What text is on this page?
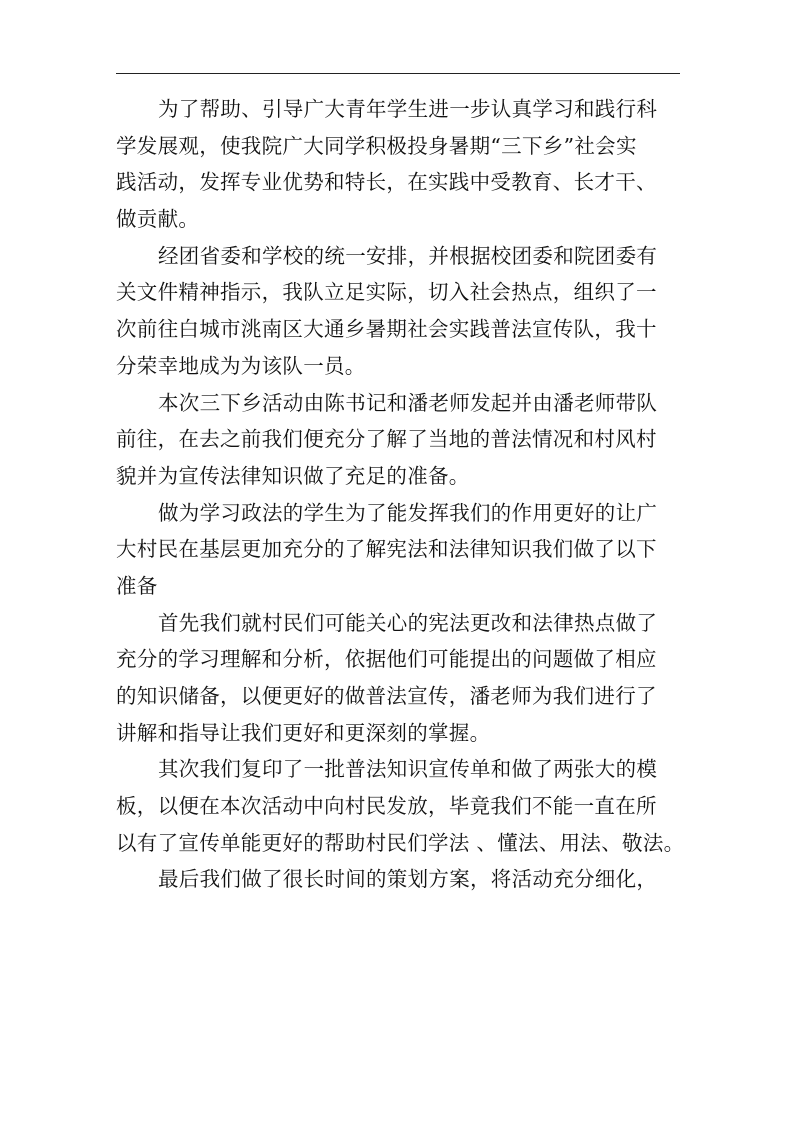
为了帮助、引导广大青年学生进一步认真学习和践行科
学发展观，使我院广大同学积极投身暑期“三下乡”社会实
践活动，发挥专业优势和特长，在实践中受教育、长才干、
做贡献。
经团省委和学校的统一安排，并根据校团委和院团委有
关文件精神指示，我队立足实际，切入社会热点，组织了一
次前往白城市洮南区大通乡暑期社会实践普法宣传队，我十
分荣幸地成为为该队一员。
本次三下乡活动由陈书记和潘老师发起并由潘老师带队
前往，在去之前我们便充分了解了当地的普法情况和村风村
貌并为宣传法律知识做了充足的准备。
做为学习政法的学生为了能发挥我们的作用更好的让广
大村民在基层更加充分的了解宪法和法律知识我们做了以下
准备
首先我们就村民们可能关心的宪法更改和法律热点做了
充分的学习理解和分析，依据他们可能提出的问题做了相应
的知识储备，以便更好的做普法宣传，潘老师为我们进行了
讲解和指导让我们更好和更深刻的掌握。
其次我们复印了一批普法知识宣传单和做了两张大的模
板，以便在本次活动中向村民发放，毕竟我们不能一直在所
以有了宣传单能更好的帮助村民们学法 、懂法、用法、敬法。
最后我们做了很长时间的策划方案，将活动充分细化，
